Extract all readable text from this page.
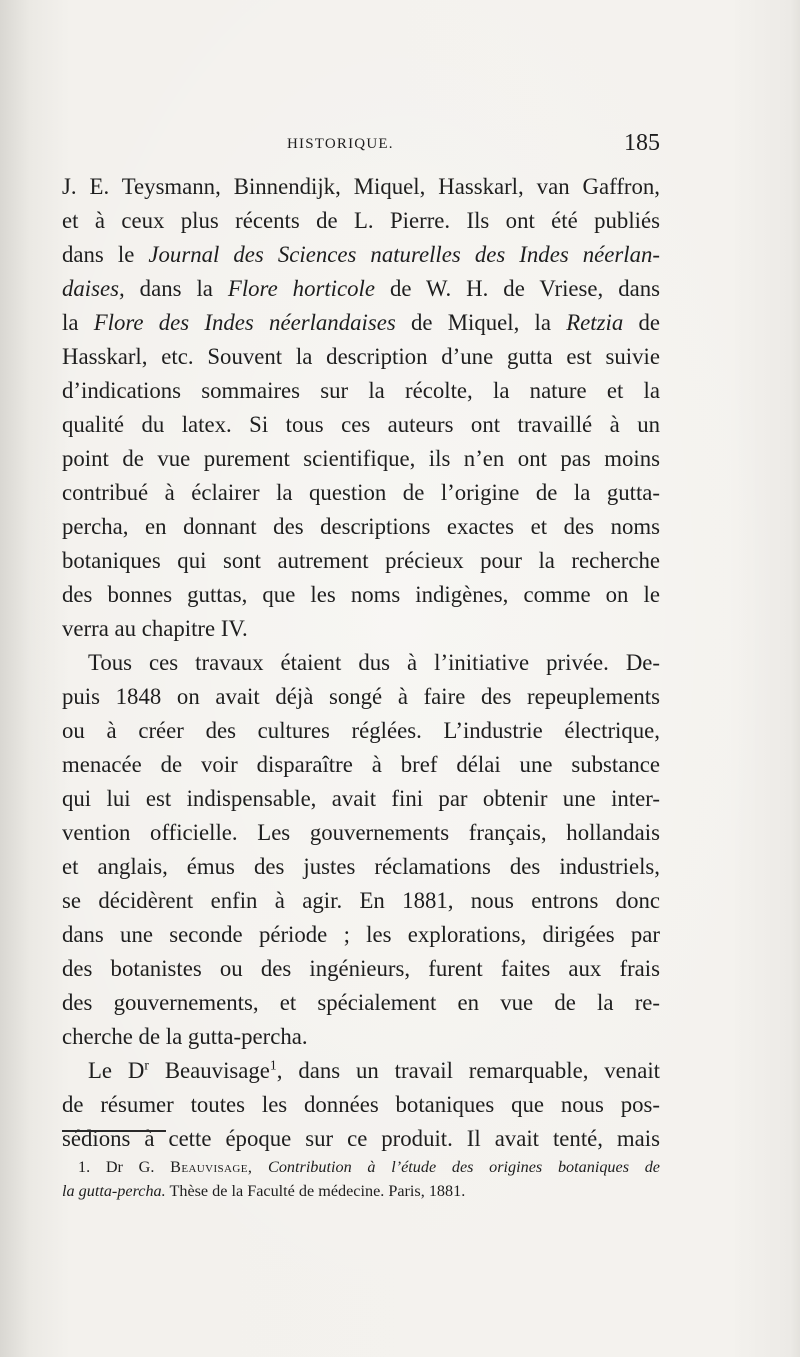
HISTORIQUE.	185
J. E. Teysmann, Binnendijk, Miquel, Hasskarl, van Gaffron,
et à ceux plus récents de L. Pierre. Ils ont été publiés
dans le Journal des Sciences naturelles des Indes néerlan-
daises, dans la Flore horticole de W. H. de Vriese, dans
la Flore des Indes néerlandaises de Miquel, la Retzia de
Hasskarl, etc. Souvent la description d’une gutta est suivie
d’indications sommaires sur la récolte, la nature et la
qualité du latex. Si tous ces auteurs ont travaillé à un
point de vue purement scientifique, ils n’en ont pas moins
contribué à éclairer la question de l’origine de la gutta-
percha, en donnant des descriptions exactes et des noms
botaniques qui sont autrement précieux pour la recherche
des bonnes guttas, que les noms indigènes, comme on le
verra au chapitre IV.
Tous ces travaux étaient dus à l’initiative privée. De-
puis 1848 on avait déjà songé à faire des repeuplements
ou à créer des cultures réglées. L’industrie électrique,
menacée de voir disparaître à bref délai une substance
qui lui est indispensable, avait fini par obtenir une inter-
vention officielle. Les gouvernements français, hollandais
et anglais, émus des justes réclamations des industriels,
se décidèrent enfin à agir. En 1881, nous entrons donc
dans une seconde période ; les explorations, dirigées par
des botanistes ou des ingénieurs, furent faites aux frais
des gouvernements, et spécialement en vue de la re-
cherche de la gutta-percha.
Le $D^r$ Beauvisage$^1$, dans un travail remarquable, venait
de résumer toutes les données botaniques que nous pos-
sédions à cette époque sur ce produit. Il avait tenté, mais
1. Dr G. Beauvisage, Contribution à l’étude des origines botaniques de
la gutta-percha. Thèse de la Faculté de médecine. Paris, 1881.
